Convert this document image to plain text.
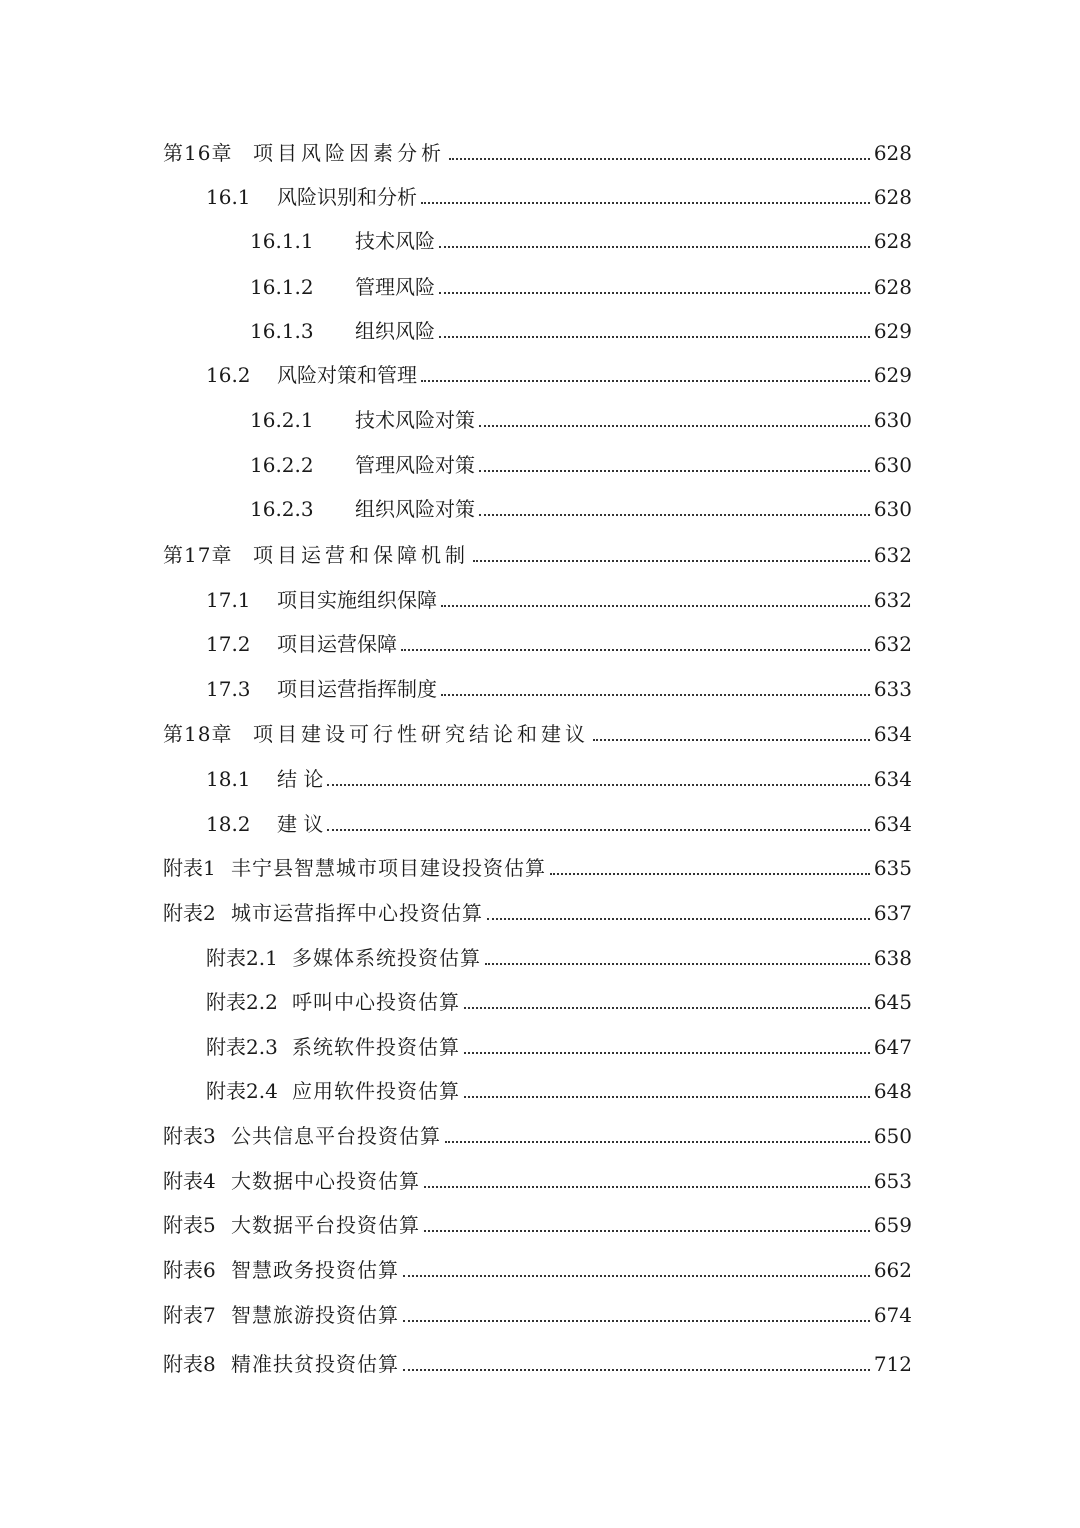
第16章	项目风险因素分析	628
16.1	风险识别和分析	628
16.1.1	技术风险	628
16.1.2	管理风险	628
16.1.3	组织风险	629
16.2	风险对策和管理	629
16.2.1	技术风险对策	630
16.2.2	管理风险对策	630
16.2.3	组织风险对策	630
第17章	项目运营和保障机制	632
17.1	项目实施组织保障	632
17.2	项目运营保障	632
17.3	项目运营指挥制度	633
第18章	项目建设可行性研究结论和建议	634
18.1	结 论	634
18.2	建 议	634
附表1 丰宁县智慧城市项目建设投资估算	635
附表2 城市运营指挥中心投资估算	637
附表2.1 多媒体系统投资估算	638
附表2.2 呼叫中心投资估算	645
附表2.3 系统软件投资估算	647
附表2.4 应用软件投资估算	648
附表3 公共信息平台投资估算	650
附表4 大数据中心投资估算	653
附表5 大数据平台投资估算	659
附表6 智慧政务投资估算	662
附表7 智慧旅游投资估算	674
附表8 精准扶贫投资估算	712
